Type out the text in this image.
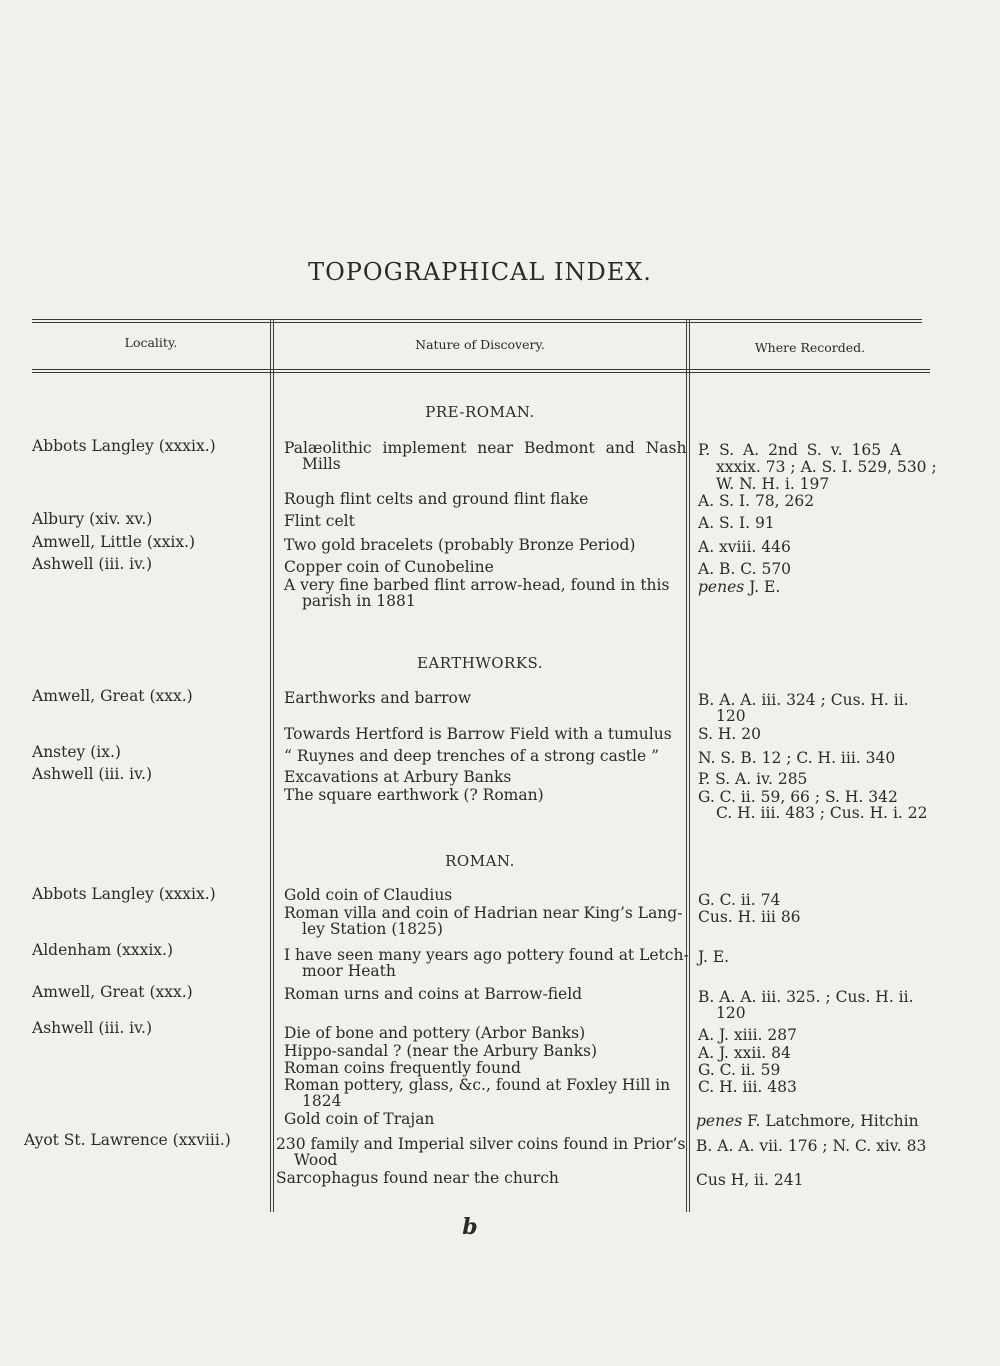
TOPOGRAPHICAL INDEX.
Locality.	Nature of Discovery.	Where Recorded.
PRE-ROMAN.
EARTHWORKS.
ROMAN.
Abbots Langley (xxxix.)
Albury (xiv. xv.)
Amwell, Little (xxix.)
Ashwell (iii. iv.)
Amwell, Great (xxx.)
Anstey (ix.)
Ashwell (iii. iv.)
Abbots Langley (xxxix.)
Aldenham (xxxix.)
Amwell, Great (xxx.)
Ashwell (iii. iv.)
Ayot St. Lawrence (xxviii.)
Palæolithic implement near Bedmont and Nash
Mills
Rough flint celts and ground flint flake
Flint celt
Two gold bracelets (probably Bronze Period)
Copper coin of Cunobeline
A very fine barbed flint arrow-head, found in this
parish in 1881
Earthworks and barrow
Towards Hertford is Barrow Field with a tumulus
“ Ruynes and deep trenches of a strong castle ”
Excavations at Arbury Banks
The square earthwork (? Roman)
Gold coin of Claudius
Roman villa and coin of Hadrian near King’s Lang-
ley Station (1825)
I have seen many years ago pottery found at Letch-
moor Heath
Roman urns and coins at Barrow-field
Die of bone and pottery (Arbor Banks)
Hippo-sandal ? (near the Arbury Banks)
Roman coins frequently found
Roman pottery, glass, &c., found at Foxley Hill in
1824
Gold coin of Trajan
230 family and Imperial silver coins found in Prior’s
Wood
Sarcophagus found near the church
P. S. A. 2nd S. v. 165 A
xxxix. 73 ; A. S. I. 529, 530 ;
W. N. H. i. 197
A. S. I. 78, 262
A. S. I. 91
A. xviii. 446
A. B. C. 570
penes J. E.
B. A. A. iii. 324 ; Cus. H. ii.
120
S. H. 20
N. S. B. 12 ; C. H. iii. 340
P. S. A. iv. 285
G. C. ii. 59, 66 ; S. H. 342
C. H. iii. 483 ; Cus. H. i. 22
G. C. ii. 74
Cus. H. iii 86
J. E.
B. A. A. iii. 325. ; Cus. H. ii.
120
A. J. xiii. 287
A. J. xxii. 84
G. C. ii. 59
C. H. iii. 483
penes F. Latchmore, Hitchin
B. A. A. vii. 176 ; N. C. xiv. 83
Cus H, ii. 241
b
